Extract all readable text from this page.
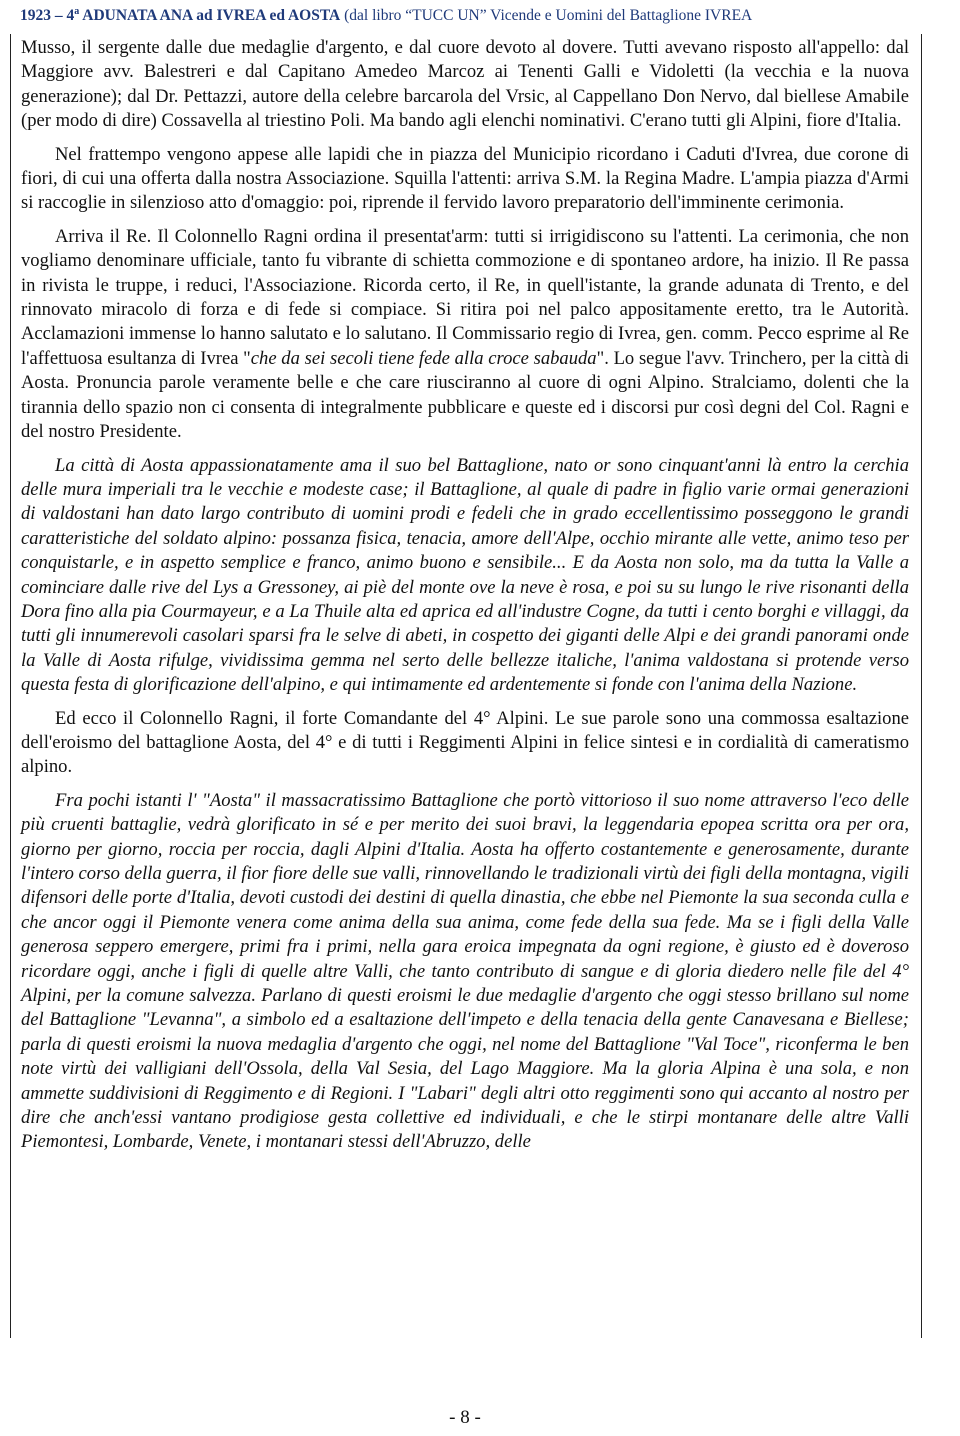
1923 – 4$^a$ ADUNATA ANA ad IVREA ed AOSTA (dal libro “TUCC UN” Vicende e Uomini del Battaglione IVREA

Musso, il sergente dalle due medaglie d'argento, e dal cuore devoto al dovere. Tutti avevano risposto all'appello: dal Maggiore avv. Balestreri e dal Capitano Amedeo Marcoz ai Tenenti Galli e Vidoletti (la vecchia e la nuova generazione); dal Dr. Pettazzi, autore della celebre barcarola del Vrsic, al Cappellano Don Nervo, dal biellese Amabile (per modo di dire) Cossavella al triestino Poli. Ma bando agli elenchi nominativi. C'erano tutti gli Alpini, fiore d'Italia.

Nel frattempo vengono appese alle lapidi che in piazza del Municipio ricordano i Caduti d'Ivrea, due corone di fiori, di cui una offerta dalla nostra Associazione. Squilla l'attenti: arriva S.M. la Regina Madre. L'ampia piazza d'Armi si raccoglie in silenzioso atto d'omaggio: poi, riprende il fervido lavoro preparatorio dell'imminente cerimonia.

Arriva il Re. Il Colonnello Ragni ordina il presentat'arm: tutti si irrigidiscono su l'attenti. La cerimonia, che non vogliamo denominare ufficiale, tanto fu vibrante di schietta commozione e di spontaneo ardore, ha inizio. Il Re passa in rivista le truppe, i reduci, l'Associazione. Ricorda certo, il Re, in quell'istante, la grande adunata di Trento, e del rinnovato miracolo di forza e di fede si compiace. Si ritira poi nel palco appositamente eretto, tra le Autorità. Acclamazioni immense lo hanno salutato e lo salutano. Il Commissario regio di Ivrea, gen. comm. Pecco esprime al Re l'affettuosa esultanza di Ivrea "che da sei secoli tiene fede alla croce sabauda". Lo segue l'avv. Trinchero, per la città di Aosta. Pronuncia parole veramente belle e che care riusciranno al cuore di ogni Alpino. Stralciamo, dolenti che la tirannia dello spazio non ci consenta di integralmente pubblicare e queste ed i discorsi pur così degni del Col. Ragni e del nostro Presidente.

La città di Aosta appassionatamente ama il suo bel Battaglione, nato or sono cinquant'anni là entro la cerchia delle mura imperiali tra le vecchie e modeste case; il Battaglione, al quale di padre in figlio varie ormai generazioni di valdostani han dato largo contributo di uomini prodi e fedeli che in grado eccellentissimo posseggono le grandi caratteristiche del soldato alpino: possanza fisica, tenacia, amore dell'Alpe, occhio mirante alle vette, animo teso per conquistarle, e in aspetto semplice e franco, animo buono e sensibile... E da Aosta non solo, ma da tutta la Valle a cominciare dalle rive del Lys a Gressoney, ai piè del monte ove la neve è rosa, e poi su su lungo le rive risonanti della Dora fino alla pia Courmayeur, e a La Thuile alta ed aprica ed all'industre Cogne, da tutti i cento borghi e villaggi, da tutti gli innumerevoli casolari sparsi fra le selve di abeti, in cospetto dei giganti delle Alpi e dei grandi panorami onde la Valle di Aosta rifulge, vividissima gemma nel serto delle bellezze italiche, l'anima valdostana si protende verso questa festa di glorificazione dell'alpino, e qui intimamente ed ardentemente si fonde con l'anima della Nazione.

Ed ecco il Colonnello Ragni, il forte Comandante del 4° Alpini. Le sue parole sono una commossa esaltazione dell'eroismo del battaglione Aosta, del 4° e di tutti i Reggimenti Alpini in felice sintesi e in cordialità di cameratismo alpino.

Fra pochi istanti l' "Aosta" il massacratissimo Battaglione che portò vittorioso il suo nome attraverso l'eco delle più cruenti battaglie, vedrà glorificato in sé e per merito dei suoi bravi, la leggendaria epopea scritta ora per ora, giorno per giorno, roccia per roccia, dagli Alpini d'Italia. Aosta ha offerto costantemente e generosamente, durante l'intero corso della guerra, il fior fiore delle sue valli, rinnovellando le tradizionali virtù dei figli della montagna, vigili difensori delle porte d'Italia, devoti custodi dei destini di quella dinastia, che ebbe nel Piemonte la sua seconda culla e che ancor oggi il Piemonte venera come anima della sua anima, come fede della sua fede. Ma se i figli della Valle generosa seppero emergere, primi fra i primi, nella gara eroica impegnata da ogni regione, è giusto ed è doveroso ricordare oggi, anche i figli di quelle altre Valli, che tanto contributo di sangue e di gloria diedero nelle file del 4° Alpini, per la comune salvezza. Parlano di questi eroismi le due medaglie d'argento che oggi stesso brillano sul nome del Battaglione "Levanna", a simbolo ed a esaltazione dell'impeto e della tenacia della gente Canavesana e Biellese; parla di questi eroismi la nuova medaglia d'argento che oggi, nel nome del Battaglione "Val Toce", riconferma le ben note virtù dei valligiani dell'Ossola, della Val Sesia, del Lago Maggiore. Ma la gloria Alpina è una sola, e non ammette suddivisioni di Reggimento e di Regioni. I "Labari" degli altri otto reggimenti sono qui accanto al nostro per dire che anch'essi vantano prodigiose gesta collettive ed individuali, e che le stirpi montanare delle altre Valli Piemontesi, Lombarde, Venete, i montanari stessi dell'Abruzzo, delle

- 8 -
